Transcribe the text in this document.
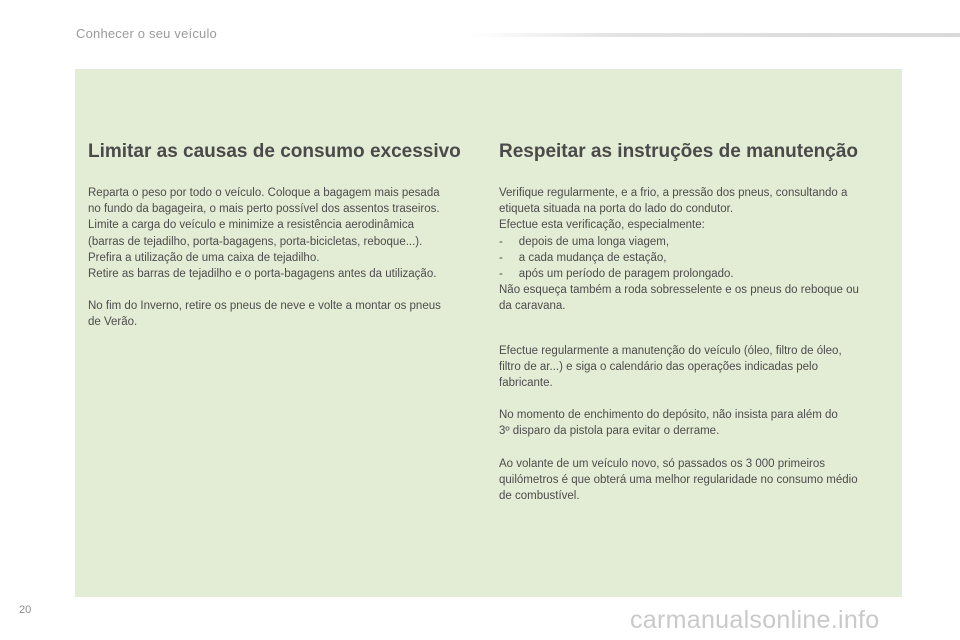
Conhecer o seu veículo
Limitar as causas de consumo excessivo

Reparta o peso por todo o veículo. Coloque a bagagem mais pesada
no fundo da bagageira, o mais perto possível dos assentos traseiros.
Limite a carga do veículo e minimize a resistência aerodinâmica
(barras de tejadilho, porta-bagagens, porta-bicicletas, reboque...).
Prefira a utilização de uma caixa de tejadilho.
Retire as barras de tejadilho e o porta-bagagens antes da utilização.

No fim do Inverno, retire os pneus de neve e volte a montar os pneus
de Verão.

Respeitar as instruções de manutenção

Verifique regularmente, e a frio, a pressão dos pneus, consultando a
etiqueta situada na porta do lado do condutor.
Efectue esta verificação, especialmente:
-     depois de uma longa viagem,
-     a cada mudança de estação,
-     após um período de paragem prolongado.
Não esqueça também a roda sobresselente e os pneus do reboque ou
da caravana.

Efectue regularmente a manutenção do veículo (óleo, filtro de óleo,
filtro de ar...) e siga o calendário das operações indicadas pelo
fabricante.

No momento de enchimento do depósito, não insista para além do
3º disparo da pistola para evitar o derrame.

Ao volante de um veículo novo, só passados os 3 000 primeiros
quilómetros é que obterá uma melhor regularidade no consumo médio
de combustível.

20	carmanualsonline.info
